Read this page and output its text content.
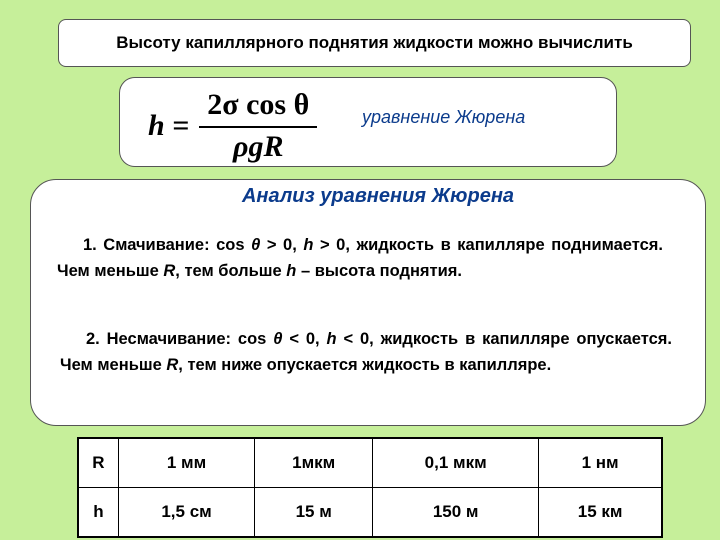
Высоту капиллярного поднятия жидкости можно вычислить
$h = \frac{\text{2σ cos θ}}{\text{ρgR}}$ уравнение Жюрена
Анализ уравнения Жюрена
1. Смачивание: cos θ > 0, h > 0, жидкость в капилляре поднимается. Чем меньше R, тем больше h – высота поднятия.
2. Несмачивание: cos θ < 0, h < 0, жидкость в капилляре опускается. Чем меньше R, тем ниже опускается жидкость в капилляре.
R	1 мм	1мкм	0,1 мкм	1 нм
h	1,5 см	15 м	150 м	15 км
